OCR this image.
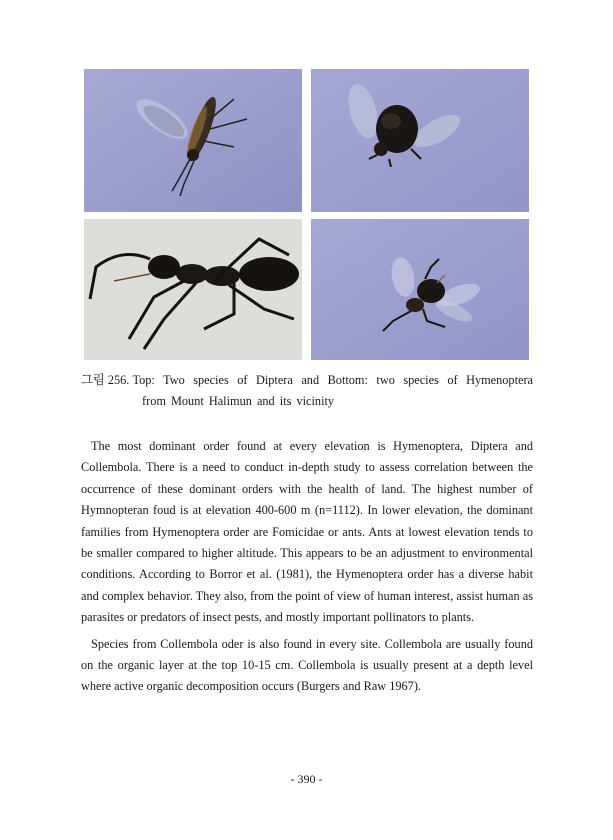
그림 256.
Top: Two species of Diptera and Bottom: two species of Hymenoptera
from Mount Halimun and its vicinity

The most dominant order found at every elevation is Hymenoptera, Diptera and Collembola. There is a need to conduct in-depth study to assess correlation between the occurrence of these dominant orders with the health of land. The highest number of Hymnopteran foud is at elevation 400-600 m (n=1112). In lower elevation, the dominant families from Hymenoptera order are Fomicidae or ants. Ants at lowest elevation tends to be smaller compared to higher altitude. This appears to be an adjustment to environmental conditions. According to Borror et al. (1981), the Hymenoptera order has a diverse habit and complex behavior. They also, from the point of view of human interest, assist human as parasites or predators of insect pests, and mostly important pollinators to plants.

Species from Collembola oder is also found in every site. Collembola are usually found on the organic layer at the top 10-15 cm. Collembola is usually present at a depth level where active organic decomposition occurs (Burgers and Raw 1967).

- 390 -
